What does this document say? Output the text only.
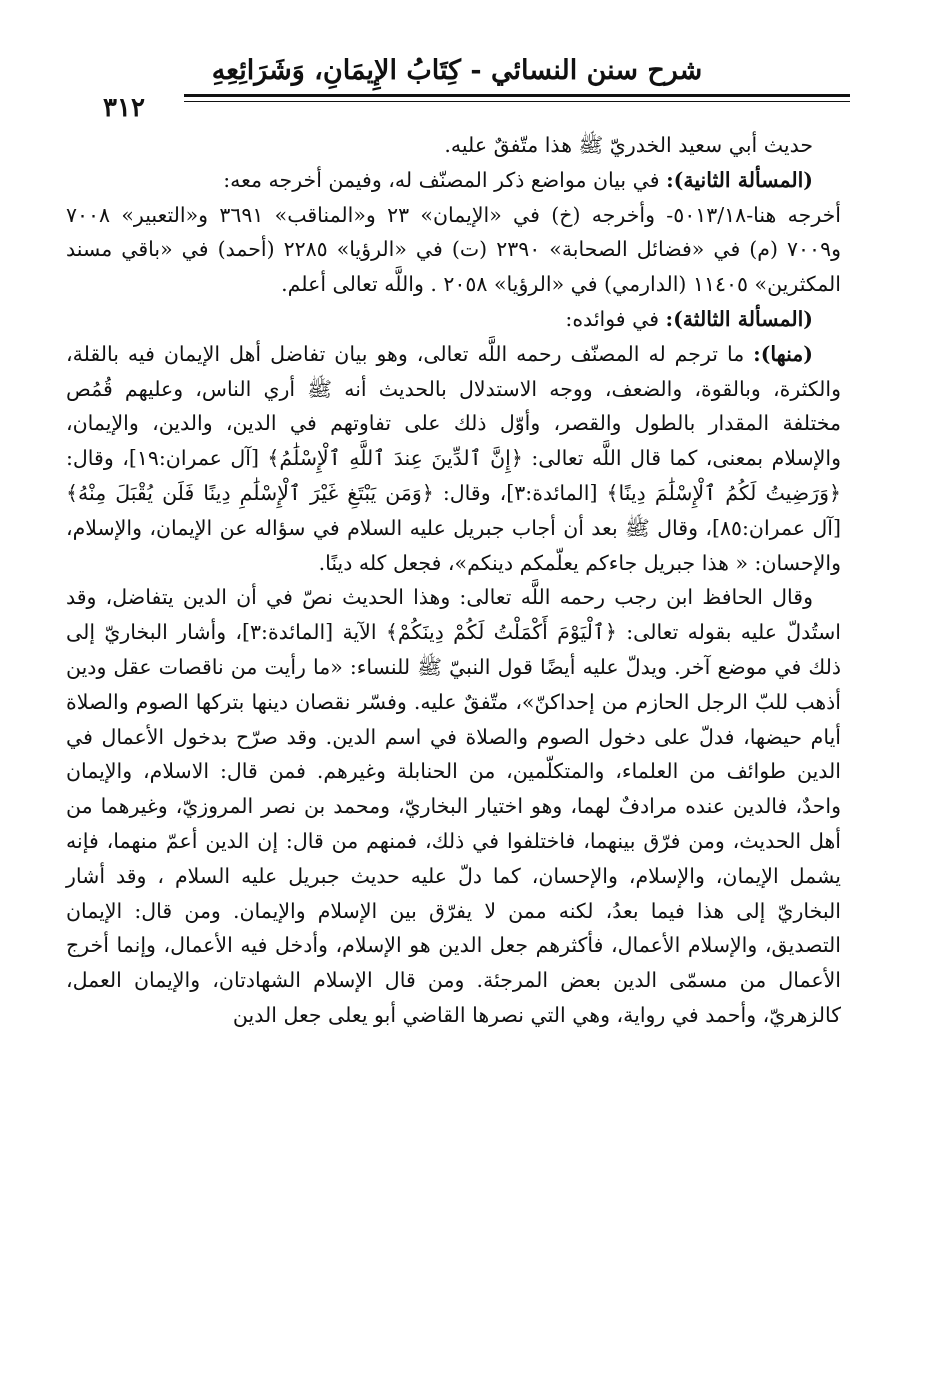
شرح سنن النسائي - كِتَابُ الإِيمَانِ، وَشَرَائِعِهِ
٣١٢

حديث أبي سعيد الخدريّ ﷺ هذا متّفقٌ عليه.

(المسألة الثانية): في بيان مواضع ذكر المصنّف له، وفيمن أخرجه معه:

أخرجه هنا-٥٠١٣/١٨- وأخرجه (خ) في «الإيمان» ٢٣ و«المناقب» ٣٦٩١ و«التعبير» ٧٠٠٨ و٧٠٠٩ (م) في «فضائل الصحابة» ٢٣٩٠ (ت) في «الرؤيا» ٢٢٨٥ (أحمد) في «باقي مسند المكثرين» ١١٤٠٥ (الدارمي) في «الرؤيا» ٢٠٥٨ . واللَّه تعالى أعلم.

(المسألة الثالثة): في فوائده:

(منها): ما ترجم له المصنّف رحمه اللَّه تعالى، وهو بيان تفاضل أهل الإيمان فيه بالقلة، والكثرة، وبالقوة، والضعف، ووجه الاستدلال بالحديث أنه ﷺ أري الناس، وعليهم قُمُص مختلفة المقدار بالطول والقصر، وأوّل ذلك على تفاوتهم في الدين، والدين، والإيمان، والإسلام بمعنى، كما قال اللَّه تعالى: ﴿إِنَّ ٱلدِّينَ عِندَ ٱللَّهِ ٱلْإِسْلَٰمُ﴾ [آل عمران:١٩]، وقال: ﴿وَرَضِيتُ لَكُمُ ٱلْإِسْلَٰمَ دِينًا﴾ [المائدة:٣]، وقال: ﴿وَمَن يَبْتَغِ غَيْرَ ٱلْإِسْلَٰمِ دِينًا فَلَن يُقْبَلَ مِنْهُ﴾ [آل عمران:٨٥]، وقال ﷺ بعد أن أجاب جبريل عليه السلام في سؤاله عن الإيمان، والإسلام، والإحسان: « هذا جبريل جاءكم يعلّمكم دينكم»، فجعل كله دينًا.

وقال الحافظ ابن رجب رحمه اللَّه تعالى: وهذا الحديث نصّ في أن الدين يتفاضل، وقد استُدلّ عليه بقوله تعالى: ﴿ٱلْيَوْمَ أَكْمَلْتُ لَكُمْ دِينَكُمْ﴾ الآية [المائدة:٣]، وأشار البخاريّ إلى ذلك في موضع آخر. ويدلّ عليه أيضًا قول النبيّ ﷺ للنساء: «ما رأيت من ناقصات عقل ودين أذهب للبّ الرجل الحازم من إحداكنّ»، متّفقٌ عليه. وفسّر نقصان دينها بتركها الصوم والصلاة أيام حيضها، فدلّ على دخول الصوم والصلاة في اسم الدين. وقد صرّح بدخول الأعمال في الدين طوائف من العلماء، والمتكلّمين، من الحنابلة وغيرهم. فمن قال: الاسلام، والإيمان واحدٌ، فالدين عنده مرادفٌ لهما، وهو اختيار البخاريّ، ومحمد بن نصر المروزيّ، وغيرهما من أهل الحديث، ومن فرّق بينهما، فاختلفوا في ذلك، فمنهم من قال: إن الدين أعمّ منهما، فإنه يشمل الإيمان، والإسلام، والإحسان، كما دلّ عليه حديث جبريل عليه السلام ، وقد أشار البخاريّ إلى هذا فيما بعدُ، لكنه ممن لا يفرّق بين الإسلام والإيمان. ومن قال: الإيمان التصديق، والإسلام الأعمال، فأكثرهم جعل الدين هو الإسلام، وأدخل فيه الأعمال، وإنما أخرج الأعمال من مسمّى الدين بعض المرجئة. ومن قال الإسلام الشهادتان، والإيمان العمل، كالزهريّ، وأحمد في رواية، وهي التي نصرها القاضي أبو يعلى جعل الدين
